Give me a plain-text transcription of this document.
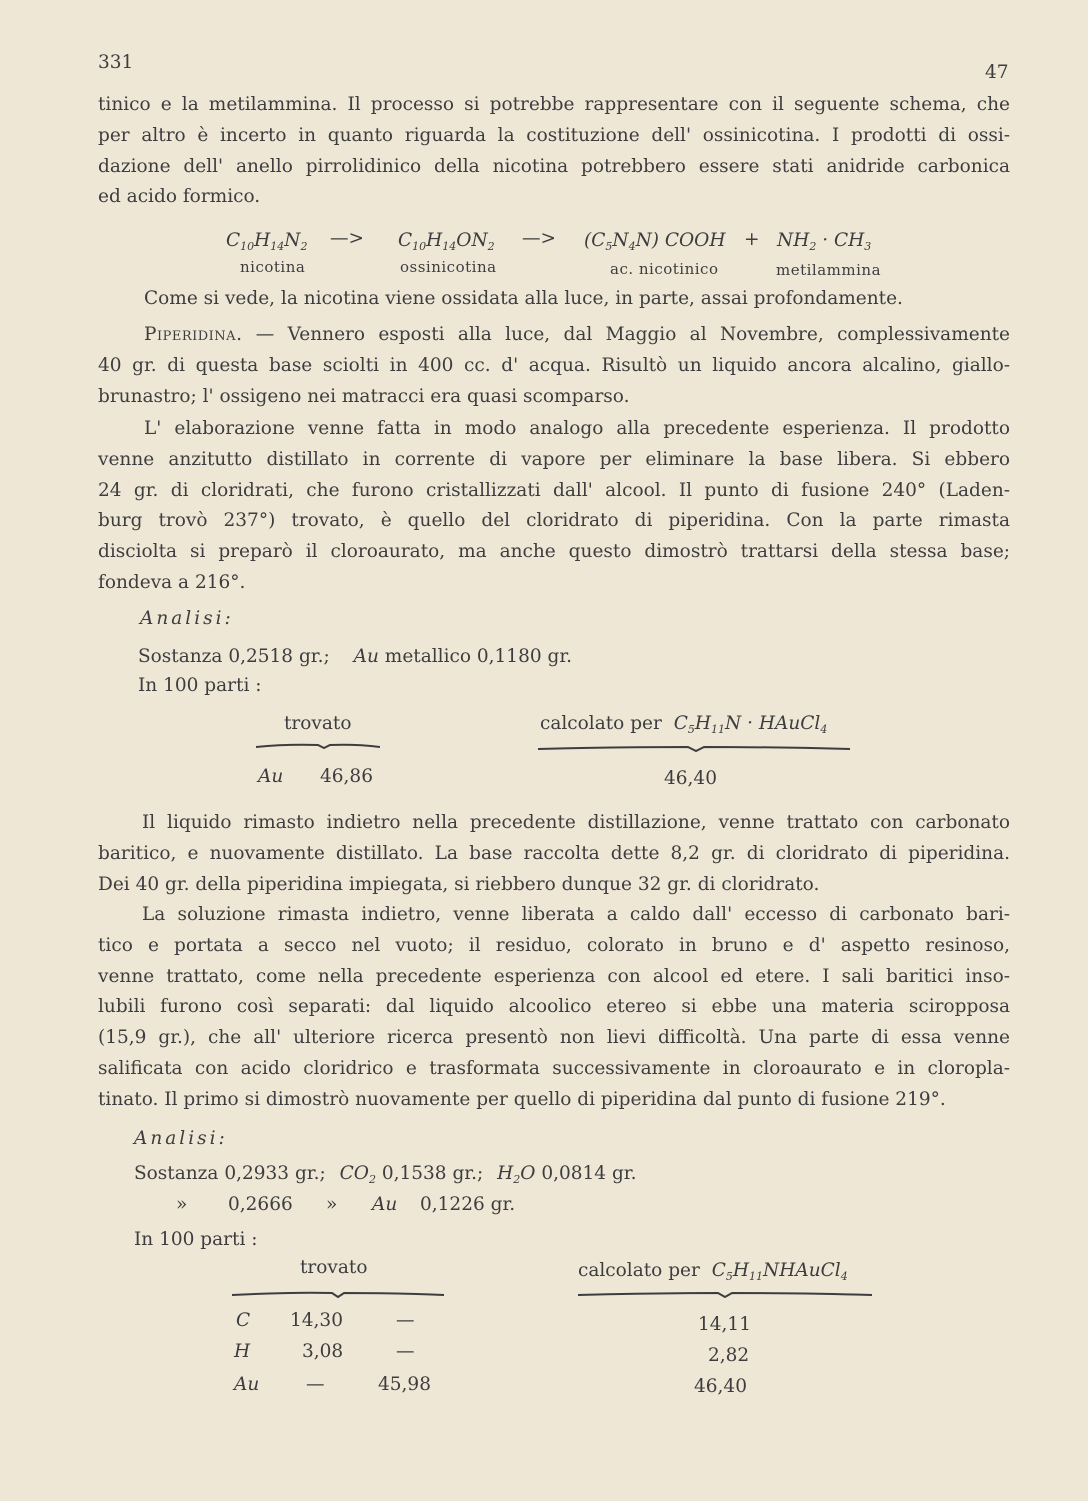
331	47
tinico e la metilammina. Il processo si potrebbe rappresentare con il seguente schema, che
per altro è incerto in quanto riguarda la costituzione dell' ossinicotina. I prodotti di ossi-
dazione dell' anello pirrolidinico della nicotina potrebbero essere stati anidride carbonica
ed acido formico.
$C_{10}H_{14}N_2$ —> $C_{10}H_{14}ON_2$ —> $(C_5N_4N)$ COOH + $NH_2 \cdot CH_3$
nicotina	ossinicotina	ac. nicotinico	metilammina
Come si vede, la nicotina viene ossidata alla luce, in parte, assai profondamente.
Piperidina. — Vennero esposti alla luce, dal Maggio al Novembre, complessivamente
40 gr. di questa base sciolti in 400 cc. d' acqua. Risultò un liquido ancora alcalino, giallo-
brunastro; l' ossigeno nei matracci era quasi scomparso.
L' elaborazione venne fatta in modo analogo alla precedente esperienza. Il prodotto
venne anzitutto distillato in corrente di vapore per eliminare la base libera. Si ebbero
24 gr. di cloridrati, che furono cristallizzati dall' alcool. Il punto di fusione 240° (Laden-
burg trovò 237°) trovato, è quello del cloridrato di piperidina. Con la parte rimasta
disciolta si preparò il cloroaurato, ma anche questo dimostrò trattarsi della stessa base;
fondeva a 216°.
Analisi:
Sostanza 0,2518 gr.; Au metallico 0,1180 gr.
In 100 parti :
trovato	calcolato per $C_5H_{11}N$ · HAuCl$_4$
Au 46,86	46,40
Il liquido rimasto indietro nella precedente distillazione, venne trattato con carbonato
baritico, e nuovamente distillato. La base raccolta dette 8,2 gr. di cloridrato di piperidina.
Dei 40 gr. della piperidina impiegata, si riebbero dunque 32 gr. di cloridrato.
La soluzione rimasta indietro, venne liberata a caldo dall' eccesso di carbonato bari-
tico e portata a secco nel vuoto; il residuo, colorato in bruno e d' aspetto resinoso,
venne trattato, come nella precedente esperienza con alcool ed etere. I sali baritici inso-
lubili furono così separati: dal liquido alcoolico etereo si ebbe una materia sciropposa
(15,9 gr.), che all' ulteriore ricerca presentò non lievi difficoltà. Una parte di essa venne
salificata con acido cloridrico e trasformata successivamente in cloroaurato e in cloropla-
tinato. Il primo si dimostrò nuovamente per quello di piperidina dal punto di fusione 219°.
Analisi:
Sostanza 0,2933 gr.; $CO_2$ 0,1538 gr.; $H_2O$ 0,0814 gr.
» 0,2666 » Au 0,1226 gr.
In 100 parti :
trovato	calcolato per $C_5H_{11}NHAuCl_4$
C 14,30	—	14,11
H	3,08	—	2,82
Au	—	45,98	46,40
